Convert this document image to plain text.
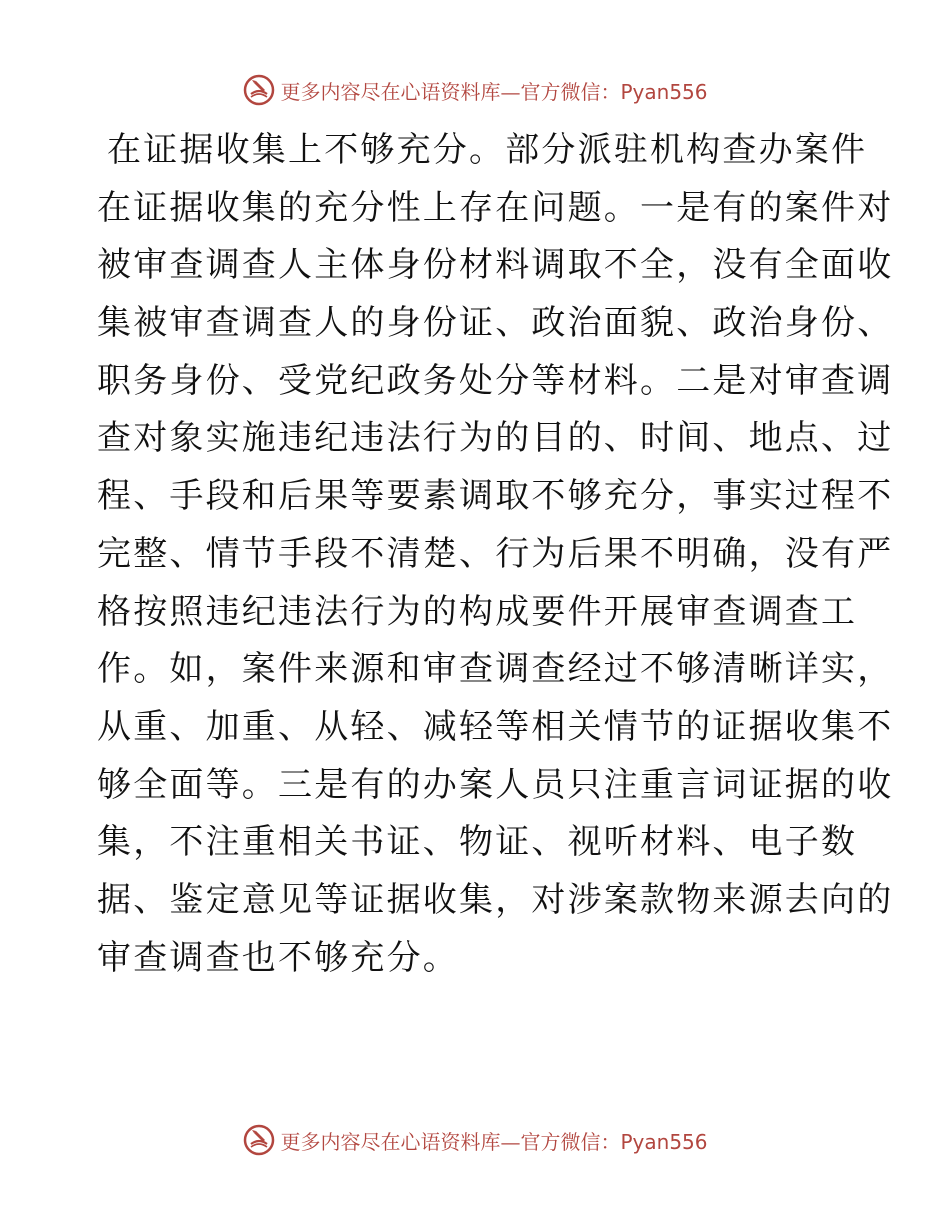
更多内容尽在心语资料库—官方微信：Pyan556
在证据收集上不够充分。部分派驻机构查办案件
在证据收集的充分性上存在问题。一是有的案件对
被审查调查人主体身份材料调取不全，没有全面收
集被审查调查人的身份证、政治面貌、政治身份、
职务身份、受党纪政务处分等材料。二是对审查调
查对象实施违纪违法行为的目的、时间、地点、过
程、手段和后果等要素调取不够充分，事实过程不
完整、情节手段不清楚、行为后果不明确，没有严
格按照违纪违法行为的构成要件开展审查调查工
作。如，案件来源和审查调查经过不够清晰详实，
从重、加重、从轻、减轻等相关情节的证据收集不
够全面等。三是有的办案人员只注重言词证据的收
集，不注重相关书证、物证、视听材料、电子数
据、鉴定意见等证据收集，对涉案款物来源去向的
审查调查也不够充分。
更多内容尽在心语资料库—官方微信：Pyan556
